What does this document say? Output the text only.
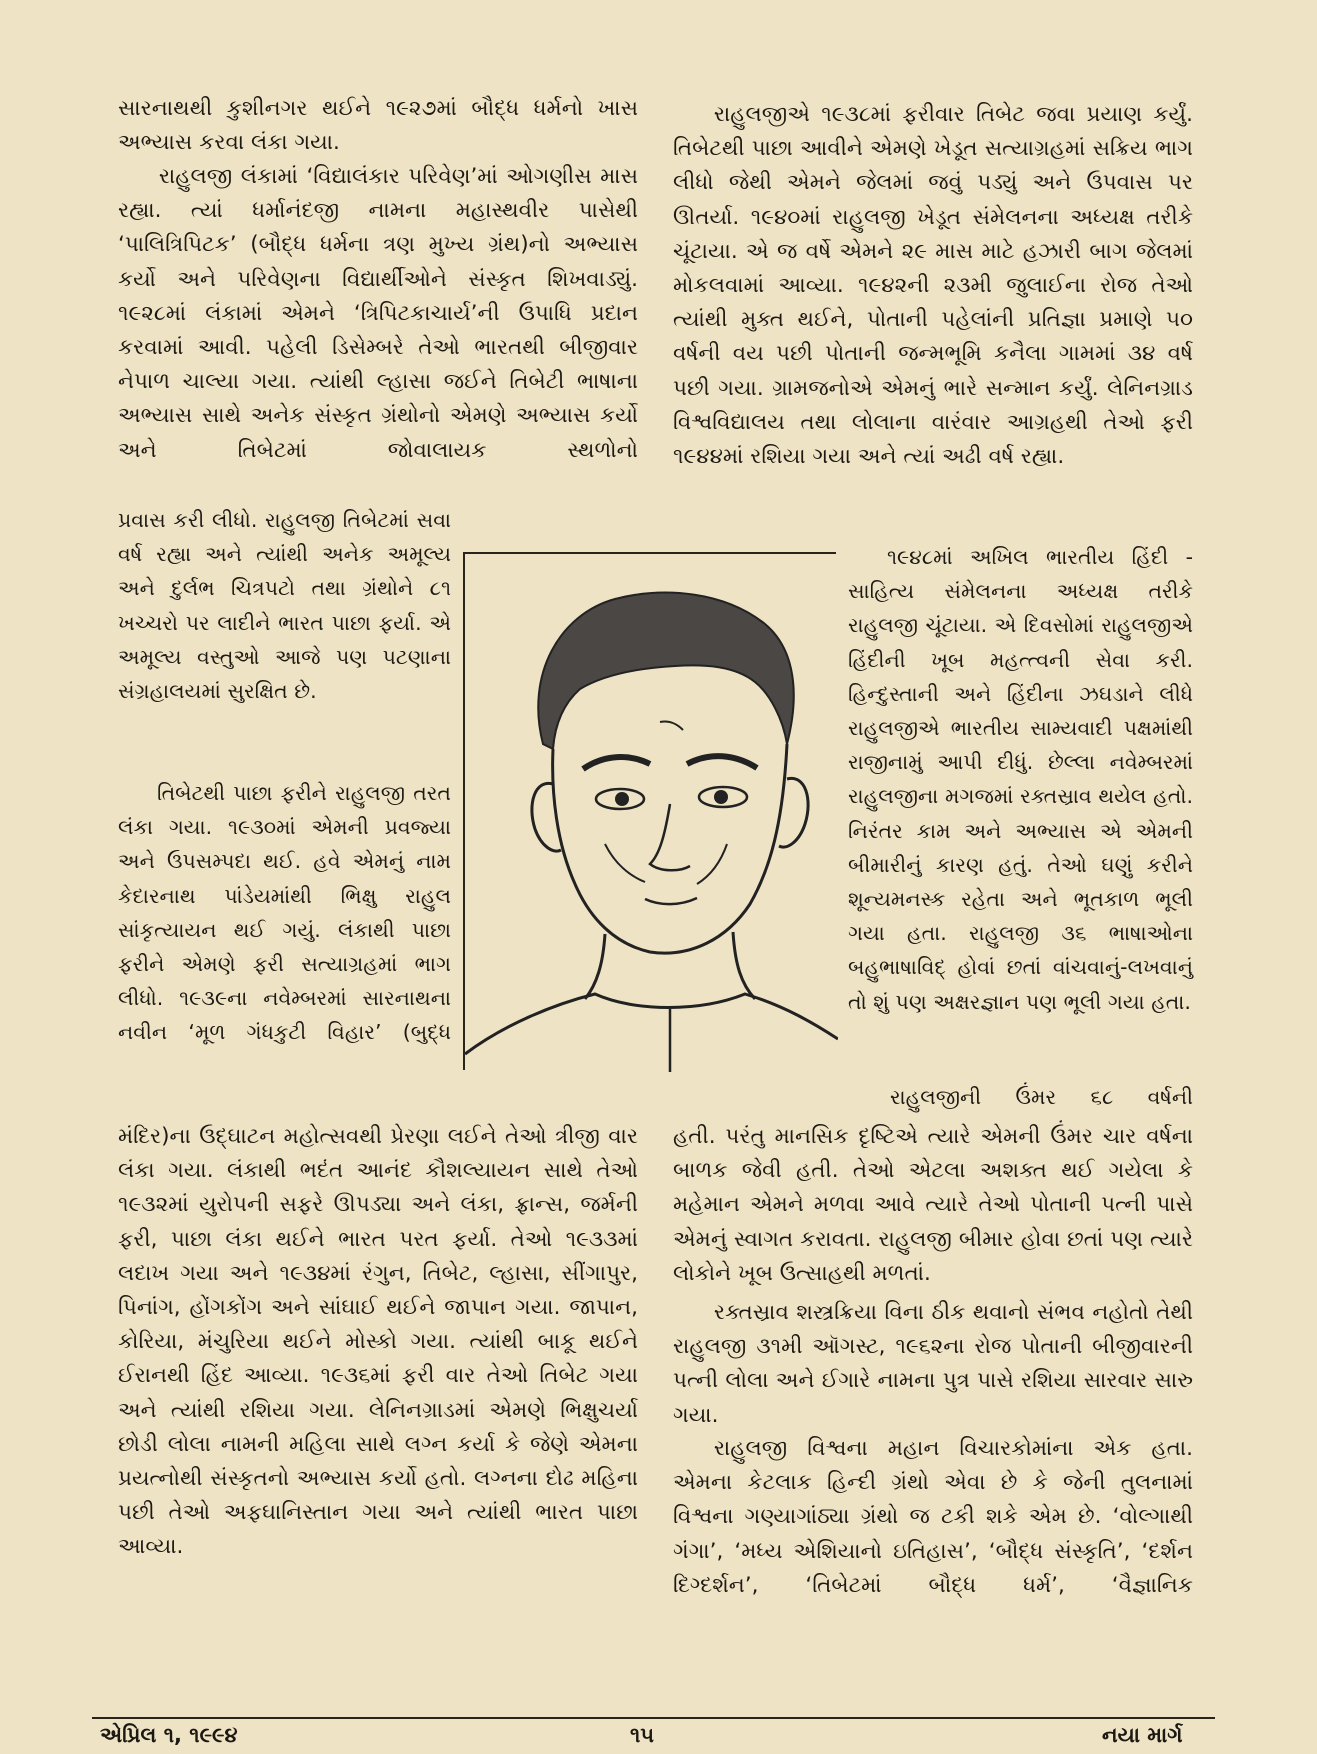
સારનાથથી કુશીનગર થઈને ૧૯૨૭માં બૌદ્ધ ધર્મનો ખાસ અભ્યાસ કરવા લંકા ગયા.

રાહુલજી લંકામાં ‘વિદ્યાલંકાર પરિવેણ’માં ઓગણીસ માસ રહ્યા. ત્યાં ધર્માનંદજી નામના મહાસ્થવીર પાસેથી ‘પાલિત્રિપિટક’ (બૌદ્ધ ધર્મના ત્રણ મુખ્ય ગ્રંથ)નો અભ્યાસ કર્યો અને પરિવેણના વિદ્યાર્થીઓને સંસ્કૃત શિખવાડ્યું. ૧૯૨૮માં લંકામાં એમને ‘ત્રિપિટકાચાર્ય’ની ઉપાધિ પ્રદાન કરવામાં આવી. પહેલી ડિસેમ્બરે તેઓ ભારતથી બીજીવાર નેપાળ ચાલ્યા ગયા. ત્યાંથી લ્હાસા જઈને તિબેટી ભાષાના અભ્યાસ સાથે અનેક સંસ્કૃત ગ્રંથોનો એમણે અભ્યાસ કર્યો અને તિબેટમાં જોવાલાયક સ્થળોનો

પ્રવાસ કરી લીધો. રાહુલજી તિબેટમાં સવા વર્ષ રહ્યા અને ત્યાંથી અનેક અમૂલ્ય અને દુર્લભ ચિત્રપટો તથા ગ્રંથોને ૮૧ ખચ્ચરો પર લાદીને ભારત પાછા ફર્યા. એ અમૂલ્ય વસ્તુઓ આજે પણ પટણાના સંગ્રહાલયમાં સુરક્ષિત છે.

તિબેટથી પાછા ફરીને રાહુલજી તરત લંકા ગયા. ૧૯૩૦માં એમની પ્રવજ્યા અને ઉપસમ્પદા થઈ. હવે એમનું નામ કેદારનાથ પાંડેયમાંથી ભિક્ષુ રાહુલ સાંકૃત્યાયન થઈ ગયું. લંકાથી પાછા ફરીને એમણે ફરી સત્યાગ્રહમાં ભાગ લીધો. ૧૯૩૯ના નવેમ્બરમાં સારનાથના નવીન ‘મૂળ ગંધકુટી વિહાર’ (બુદ્ધ

મંદિર)ના ઉદ્‌ઘાટન મહોત્સવથી પ્રેરણા લઈને તેઓ ત્રીજી વાર લંકા ગયા. લંકાથી ભદંત આનંદ કૌશલ્યાયન સાથે તેઓ ૧૯૩૨માં યુરોપની સફરે ઊપડ્યા અને લંકા, ફ્રાન્સ, જર્મની ફરી, પાછા લંકા થઈને ભારત પરત ફર્યા. તેઓ ૧૯૩૩માં લદાખ ગયા અને ૧૯૩૪માં રંગુન, તિબેટ, લ્હાસા, સીંગાપુર, પિનાંગ, હોંગકોંગ અને સાંઘાઈ થઈને જાપાન ગયા. જાપાન, કોરિયા, મંચુરિયા થઈને મોસ્કો ગયા. ત્યાંથી બાકૂ થઈને ઈરાનથી હિંદ આવ્યા. ૧૯૩૬માં ફરી વાર તેઓ તિબેટ ગયા અને ત્યાંથી રશિયા ગયા. લેનિનગ્રાડમાં એમણે ભિક્ષુચર્યા છોડી લોલા નામની મહિલા સાથે લગ્ન કર્યા કે જેણે એમના પ્રયત્નોથી સંસ્કૃતનો અભ્યાસ કર્યો હતો. લગ્નના દોઢ મહિના પછી તેઓ અફઘાનિસ્તાન ગયા અને ત્યાંથી ભારત પાછા આવ્યા.

રાહુલજીએ ૧૯૩૮માં ફરીવાર તિબેટ જવા પ્રયાણ કર્યું. તિબેટથી પાછા આવીને એમણે ખેડૂત સત્યાગ્રહમાં સક્રિય ભાગ લીધો જેથી એમને જેલમાં જવું પડ્યું અને ઉપવાસ પર ઊતર્યા. ૧૯૪૦માં રાહુલજી ખેડૂત સંમેલનના અધ્યક્ષ તરીકે ચૂંટાયા. એ જ વર્ષે એમને ૨૯ માસ માટે હઝારી બાગ જેલમાં મોકલવામાં આવ્યા. ૧૯૪૨ની ૨૩મી જુલાઈના રોજ તેઓ ત્યાંથી મુક્ત થઈને, પોતાની પહેલાંની પ્રતિજ્ઞા પ્રમાણે ૫૦ વર્ષની વય પછી પોતાની જન્મભૂમિ કનૈલા ગામમાં ૩૪ વર્ષ પછી ગયા. ગ્રામજનોએ એમનું ભારે સન્માન કર્યું. લેનિનગ્રાડ વિશ્વવિદ્યાલય તથા લોલાના વારંવાર આગ્રહથી તેઓ ફરી ૧૯૪૪માં રશિયા ગયા અને ત્યાં અઢી વર્ષ રહ્યા.

૧૯૪૮માં અખિલ ભારતીય હિંદી - સાહિત્ય સંમેલનના અધ્યક્ષ તરીકે રાહુલજી ચૂંટાયા. એ દિવસોમાં રાહુલજીએ હિંદીની ખૂબ મહત્ત્વની સેવા કરી. હિન્દુસ્તાની અને હિંદીના ઝઘડાને લીધે રાહુલજીએ ભારતીય સામ્યવાદી પક્ષમાંથી રાજીનામું આપી દીધું. છેલ્લા નવેમ્બરમાં રાહુલજીના મગજમાં રક્તસ્રાવ થયેલ હતો. નિરંતર કામ અને અભ્યાસ એ એમની બીમારીનું કારણ હતું. તેઓ ઘણું કરીને શૂન્યમનસ્ક રહેતા અને ભૂતકાળ ભૂલી ગયા હતા. રાહુલજી ૩૬ ભાષાઓના બહુભાષાવિદ્ હોવાં છતાં વાંચવાનું-લખવાનું તો શું પણ અક્ષરજ્ઞાન પણ ભૂલી ગયા હતા.

રાહુલજીની ઉંમર ૬૮ વર્ષની

હતી. પરંતુ માનસિક દૃષ્ટિએ ત્યારે એમની ઉંમર ચાર વર્ષના બાળક જેવી હતી. તેઓ એટલા અશક્ત થઈ ગયેલા કે મહેમાન એમને મળવા આવે ત્યારે તેઓ પોતાની પત્ની પાસે એમનું સ્વાગત કરાવતા. રાહુલજી બીમાર હોવા છતાં પણ ત્યારે લોકોને ખૂબ ઉત્સાહથી મળતાં.

રક્તસ્રાવ શસ્ત્રક્રિયા વિના ઠીક થવાનો સંભવ નહોતો તેથી રાહુલજી ૩૧મી ઑગસ્ટ, ૧૯૬૨ના રોજ પોતાની બીજીવારની પત્ની લોલા અને ઈગારે નામના પુત્ર પાસે રશિયા સારવાર સારુ ગયા.

રાહુલજી વિશ્વના મહાન વિચારકોમાંના એક હતા. એમના કેટલાક હિન્દી ગ્રંથો એવા છે કે જેની તુલનામાં વિશ્વના ગણ્યાગાંઠ્યા ગ્રંથો જ ટકી શકે એમ છે. ‘વોલ્ગાથી ગંગા’, ‘મધ્ય એશિયાનો ઇતિહાસ’, ‘બૌદ્ધ સંસ્કૃતિ’, ‘દર્શન દિગ્દર્શન’, ‘તિબેટમાં બૌદ્ધ ધર્મ’, ‘વૈજ્ઞાનિક

એપ્રિલ ૧, ૧૯૯૪	૧૫	નયા માર્ગ
